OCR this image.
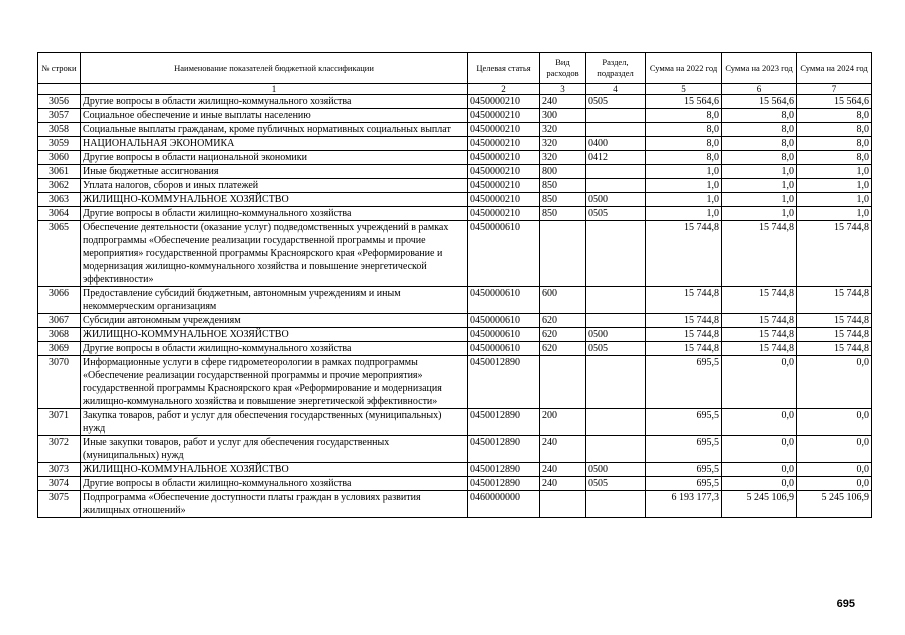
№ строки	Наименование показателей бюджетной классификации	Целевая статья	Вид расходов	Раздел, подраздел	Сумма на 2022 год	Сумма на 2023 год	Сумма на 2024 год
	1	2	3	4	5	6	7
3056	Другие вопросы в области жилищно-коммунального хозяйства	0450000210	240	0505	15 564,6	15 564,6	15 564,6
3057	Социальное обеспечение и иные выплаты населению	0450000210	300		8,0	8,0	8,0
3058	Социальные выплаты гражданам, кроме публичных нормативных социальных выплат	0450000210	320		8,0	8,0	8,0
3059	НАЦИОНАЛЬНАЯ ЭКОНОМИКА	0450000210	320	0400	8,0	8,0	8,0
3060	Другие вопросы в области национальной экономики	0450000210	320	0412	8,0	8,0	8,0
3061	Иные бюджетные ассигнования	0450000210	800		1,0	1,0	1,0
3062	Уплата налогов, сборов и иных платежей	0450000210	850		1,0	1,0	1,0
3063	ЖИЛИЩНО-КОММУНАЛЬНОЕ ХОЗЯЙСТВО	0450000210	850	0500	1,0	1,0	1,0
3064	Другие вопросы в области жилищно-коммунального хозяйства	0450000210	850	0505	1,0	1,0	1,0
3065	Обеспечение деятельности (оказание услуг) подведомственных учреждений в рамках подпрограммы «Обеспечение реализации государственной программы и прочие мероприятия» государственной программы Красноярского края «Реформирование и модернизация жилищно-коммунального хозяйства и повышение энергетической эффективности»	0450000610			15 744,8	15 744,8	15 744,8
3066	Предоставление субсидий бюджетным, автономным учреждениям и иным некоммерческим организациям	0450000610	600		15 744,8	15 744,8	15 744,8
3067	Субсидии автономным учреждениям	0450000610	620		15 744,8	15 744,8	15 744,8
3068	ЖИЛИЩНО-КОММУНАЛЬНОЕ ХОЗЯЙСТВО	0450000610	620	0500	15 744,8	15 744,8	15 744,8
3069	Другие вопросы в области жилищно-коммунального хозяйства	0450000610	620	0505	15 744,8	15 744,8	15 744,8
3070	Информационные услуги в сфере гидрометеорологии в рамках подпрограммы «Обеспечение реализации государственной программы и прочие мероприятия» государственной программы Красноярского края «Реформирование и модернизация жилищно-коммунального хозяйства и повышение энергетической эффективности»	0450012890			695,5	0,0	0,0
3071	Закупка товаров, работ и услуг для обеспечения государственных (муниципальных) нужд	0450012890	200		695,5	0,0	0,0
3072	Иные закупки товаров, работ и услуг для обеспечения государственных (муниципальных) нужд	0450012890	240		695,5	0,0	0,0
3073	ЖИЛИЩНО-КОММУНАЛЬНОЕ ХОЗЯЙСТВО	0450012890	240	0500	695,5	0,0	0,0
3074	Другие вопросы в области жилищно-коммунального хозяйства	0450012890	240	0505	695,5	0,0	0,0
3075	Подпрограмма «Обеспечение доступности платы граждан в условиях развития жилищных отношений»	0460000000			6 193 177,3	5 245 106,9	5 245 106,9
695
